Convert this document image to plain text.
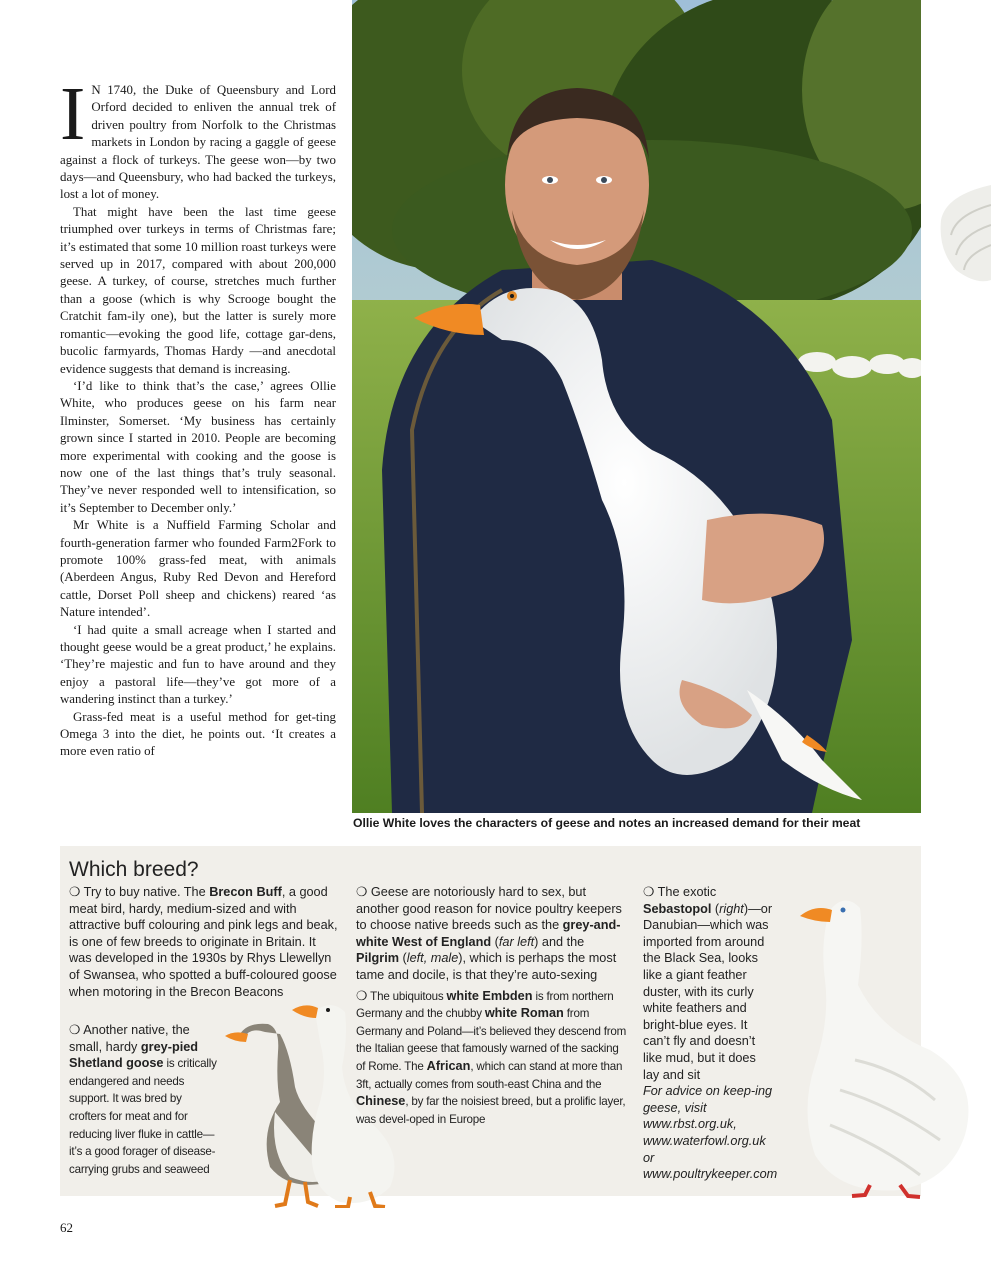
I N 1740, the Duke of Queensbury and Lord Orford decided to enliven the annual trek of driven poultry from Norfolk to the Christmas markets in London by racing a gaggle of geese against a flock of turkeys. The geese won—by two days—and Queensbury, who had backed the turkeys, lost a lot of money.

That might have been the last time geese triumphed over turkeys in terms of Christmas fare; it’s estimated that some 10 million roast turkeys were served up in 2017, compared with about 200,000 geese. A turkey, of course, stretches much further than a goose (which is why Scrooge bought the Cratchit fam-ily one), but the latter is surely more romantic—evoking the good life, cottage gar-dens, bucolic farmyards, Thomas Hardy —and anecdotal evidence suggests that demand is increasing.

‘I’d like to think that’s the case,’ agrees Ollie White, who produces geese on his farm near Ilminster, Somerset. ‘My business has certainly grown since I started in 2010. People are becoming more experimental with cooking and the goose is now one of the last things that’s truly seasonal. They’ve never responded well to intensification, so it’s September to December only.’

Mr White is a Nuffield Farming Scholar and fourth-generation farmer who founded Farm2Fork to promote 100% grass-fed meat, with animals (Aberdeen Angus, Ruby Red Devon and Hereford cattle, Dorset Poll sheep and chickens) reared ‘as Nature intended’.

‘I had quite a small acreage when I started and thought geese would be a great product,’ he explains. ‘They’re majestic and fun to have around and they enjoy a pastoral life—they’ve got more of a wandering instinct than a turkey.’

Grass-fed meat is a useful method for get-ting Omega 3 into the diet, he points out. ‘It creates a more even ratio of

Ollie White loves the characters of geese and notes an increased demand for their meat
Which breed?

❍ Try to buy native. The Brecon Buff, a good meat bird, hardy, medium-sized and with attractive buff colouring and pink legs and beak, is one of few breeds to originate in Britain. It was developed in the 1930s by Rhys Llewellyn of Swansea, who spotted a buff-coloured goose when motoring in the Brecon Beacons

❍ Another native, the small, hardy grey-pied Shetland goose is critically endangered and needs support. It was bred by crofters for meat and for reducing liver fluke in cattle—it’s a good forager of disease-carrying grubs and seaweed

❍ Geese are notoriously hard to sex, but another good reason for novice poultry keepers to choose native breeds such as the grey-and-white West of England (far left) and the Pilgrim (left, male), which is perhaps the most tame and docile, is that they’re auto-sexing

❍ The ubiquitous white Embden is from northern Germany and the chubby white Roman from Germany and Poland—it’s believed they descend from the Italian geese that famously warned of the sacking of Rome. The African, which can stand at more than 3ft, actually comes from south-east China and the Chinese, by far the noisiest breed, but a prolific layer, was devel-oped in Europe

❍ The exotic Sebastopol (right)—or Danubian—which was imported from around the Black Sea, looks like a giant feather duster, with its curly white feathers and bright-blue eyes. It can’t fly and doesn’t like mud, but it does lay and sit

For advice on keep-ing geese, visit www.rbst.org.uk, www.waterfowl.org.uk or www.poultrykeeper.com

62
